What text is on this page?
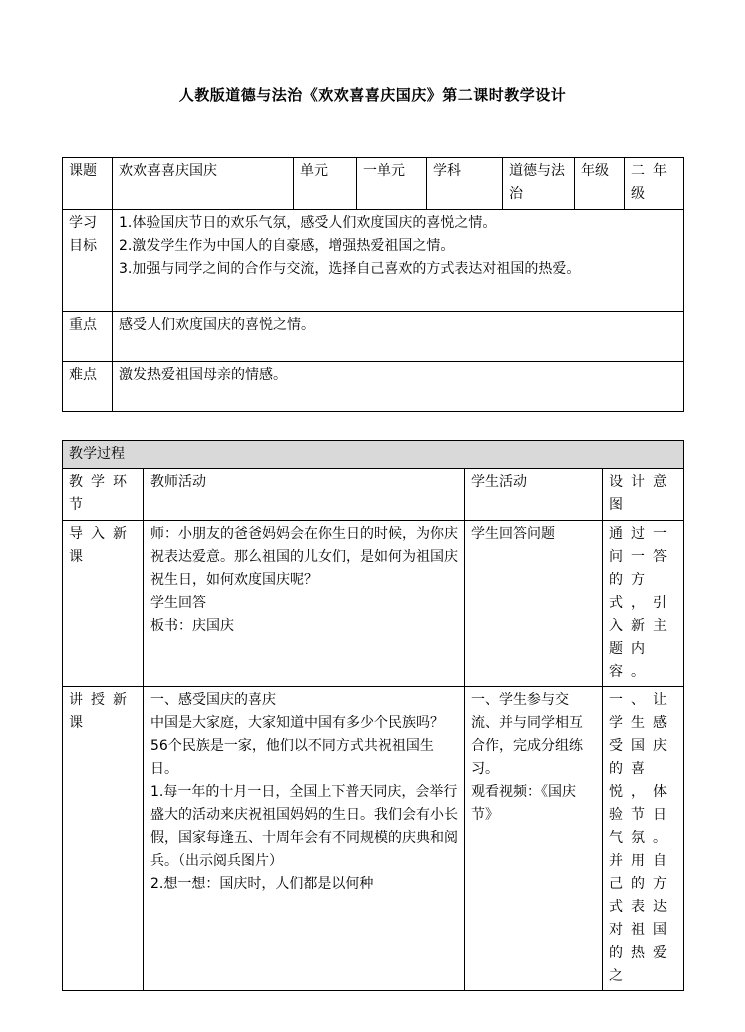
人教版道德与法治《欢欢喜喜庆国庆》第二课时教学设计
课题	欢欢喜喜庆国庆	单元	一单元	学科	道德与法治	年级	二年级
学习目标	1.体验国庆节日的欢乐气氛，感受人们欢度国庆的喜悦之情。
2.激发学生作为中国人的自豪感，增强热爱祖国之情。
3.加强与同学之间的合作与交流，选择自己喜欢的方式表达对祖国的热爱。						

重点	感受人们欢度国庆的喜悦之情。						
难点	激发热爱祖国母亲的情感。						
教学过程			
教学环节	教师活动	学生活动	设计意图
导入新课	师：小朋友的爸爸妈妈会在你生日的时候，为你庆祝表达爱意。那么祖国的儿女们，是如何为祖国庆祝生日，如何欢度国庆呢？
学生回答
板书：庆国庆	学生回答问题	通过一问一答的方式，引入新主题内容。
讲授新课	一、感受国庆的喜庆
中国是大家庭，大家知道中国有多少个民族吗？
56个民族是一家，他们以不同方式共祝祖国生日。
1.每一年的十月一日，全国上下普天同庆，会举行盛大的活动来庆祝祖国妈妈的生日。我们会有小长假，国家每逢五、十周年会有不同规模的庆典和阅兵。（出示阅兵图片）
2.想一想：国庆时，人们都是以何种	一、学生参与交流、并与同学相互合作，完成分组练习。
观看视频：《国庆节》	一、让学生感受国庆的喜悦，体验节日气氛。并用自己的方式表达对祖国的热爱之
